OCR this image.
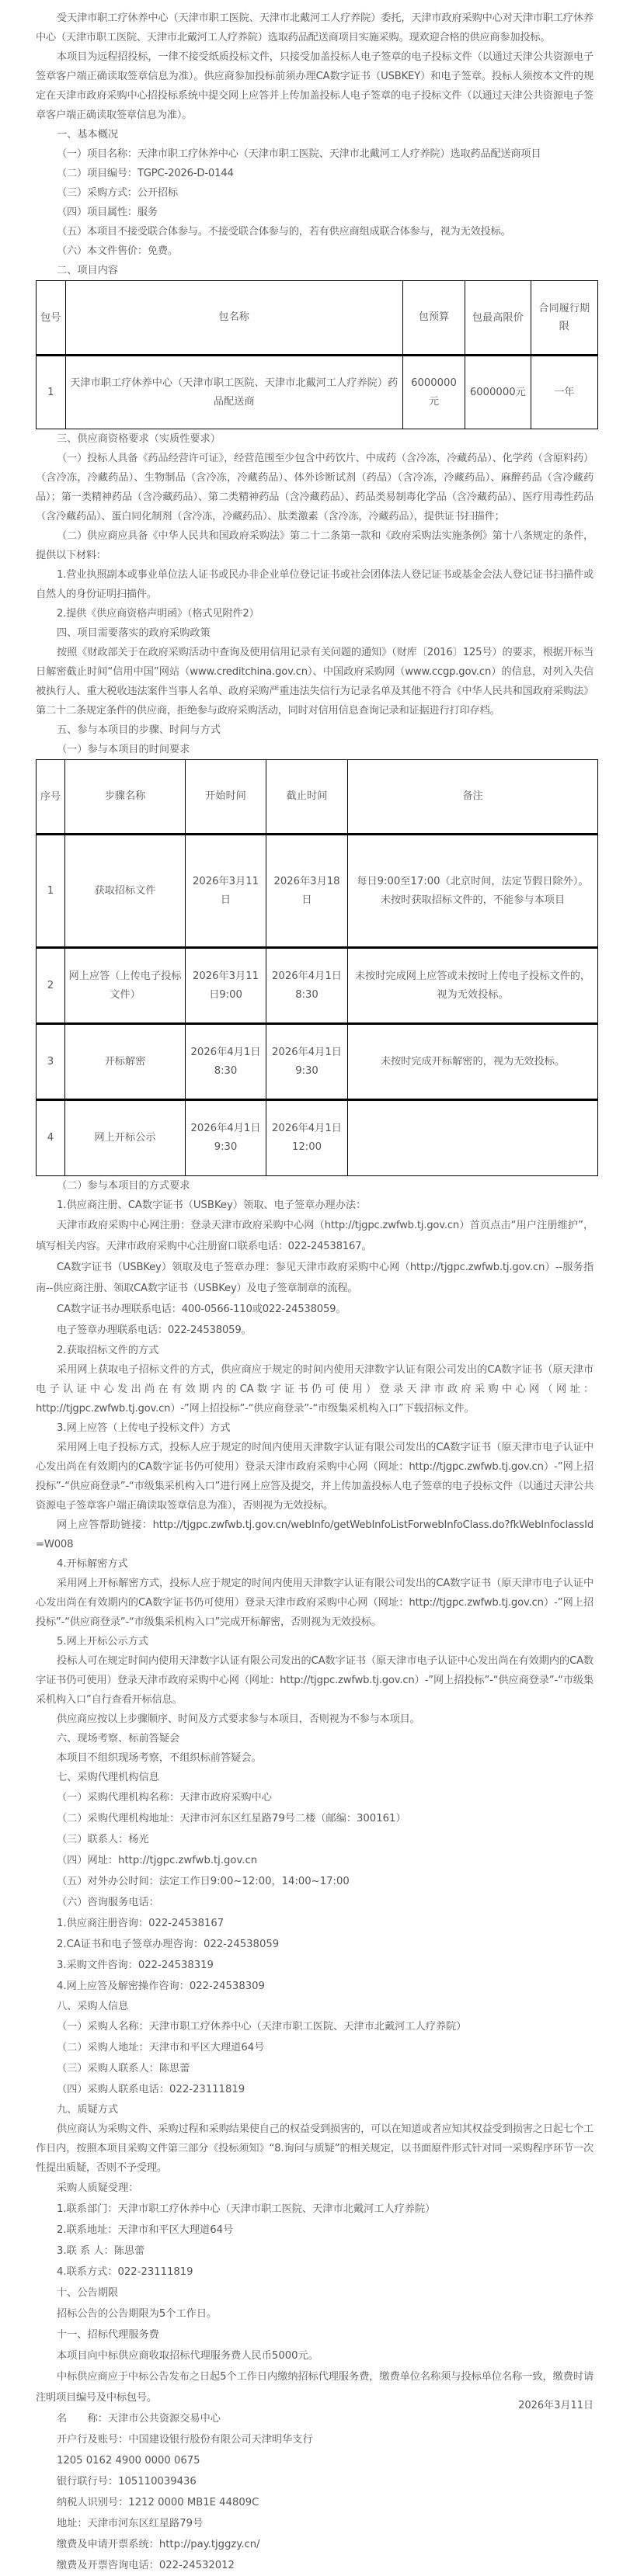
受天津市职工疗休养中心（天津市职工医院、天津市北戴河工人疗养院）委托，天津市政府采购中心对天津市职工疗休养中心（天津市职工医院、天津市北戴河工人疗养院）选取药品配送商项目实施采购。现欢迎合格的供应商参加投标。

本项目为远程招投标，一律不接受纸质投标文件，只接受加盖投标人电子签章的电子投标文件（以通过天津公共资源电子签章客户端正确读取签章信息为准）。供应商参加投标前须办理CA数字证书（USBKEY）和电子签章。投标人须按本文件的规定在天津市政府采购中心招投标系统中提交网上应答并上传加盖投标人电子签章的电子投标文件（以通过天津公共资源电子签章客户端正确读取签章信息为准）。

一、基本概况

（一）项目名称：天津市职工疗休养中心（天津市职工医院、天津市北戴河工人疗养院）选取药品配送商项目

（二）项目编号：TGPC-2026-D-0144

（三）采购方式：公开招标

（四）项目属性：服务

（五）本项目不接受联合体参与。不接受联合体参与的，若有供应商组成联合体参与，视为无效投标。

（六）本文件售价：免费。

二、项目内容

包号	包名称	包预算	包最高限价	合同履行期限
1	天津市职工疗休养中心（天津市职工医院、天津市北戴河工人疗养院）药品配送商	6000000元	6000000元	一年

三、供应商资格要求（实质性要求）

（一）投标人具备《药品经营许可证》，经营范围至少包含中药饮片、中成药（含冷冻，冷藏药品）、化学药（含原料药）（含冷冻，冷藏药品）、生物制品（含冷冻，冷藏药品）、体外诊断试剂（药品）（含冷冻，冷藏药品）、麻醉药品（含冷藏药品）；第一类精神药品（含冷藏药品）、第二类精神药品（含冷藏药品）、药品类易制毒化学品（含冷藏药品）、医疗用毒性药品（含冷藏药品）、蛋白同化制剂（含冷冻，冷藏药品）、肽类激素（含冷冻，冷藏药品），提供证书扫描件；

（二）供应商应具备《中华人民共和国政府采购法》第二十二条第一款和《政府采购法实施条例》第十八条规定的条件，提供以下材料：

1.营业执照副本或事业单位法人证书或民办非企业单位登记证书或社会团体法人登记证书或基金会法人登记证书扫描件或自然人的身份证明扫描件。

2.提供《供应商资格声明函》（格式见附件2）

四、项目需要落实的政府采购政策

按照《财政部关于在政府采购活动中查询及使用信用记录有关问题的通知》（财库〔2016〕125号）的要求，根据开标当日解密截止时间“信用中国”网站（www.creditchina.gov.cn）、中国政府采购网（www.ccgp.gov.cn）的信息，对列入失信被执行人、重大税收违法案件当事人名单、政府采购严重违法失信行为记录名单及其他不符合《中华人民共和国政府采购法》第二十二条规定条件的供应商，拒绝参与政府采购活动，同时对信用信息查询记录和证据进行打印存档。

五、参与本项目的步骤、时间与方式

（一）参与本项目的时间要求

序号	步骤名称	开始时间	截止时间	备注
1	获取招标文件	2026年3月11日	2026年3月18日	每日9:00至17:00（北京时间，法定节假日除外）。
未按时获取招标文件的，不能参与本项目

2	网上应答（上传电子投标文件）	2026年3月11日9:00	2026年4月1日8:30	未按时完成网上应答或未按时上传电子投标文件的，视为无效投标。
3	开标解密	2026年4月1日8:30	2026年4月1日9:30	未按时完成开标解密的，视为无效投标。
4	网上开标公示	2026年4月1日9:30	2026年4月1日12:00	

（二）参与本项目的方式要求

1.供应商注册、CA数字证书（USBKey）领取、电子签章办理办法：

天津市政府采购中心网注册：登录天津市政府采购中心网（http://tjgpc.zwfwb.tj.gov.cn）首页点击“用户注册维护”，填写相关内容。天津市政府采购中心注册窗口联系电话：022-24538167。

CA数字证书（USBKey）领取及电子签章办理：参见天津市政府采购中心网（http://tjgpc.zwfwb.tj.gov.cn）--服务指南--供应商注册、领取CA数字证书（USBKey）及电子签章制章的流程。

CA数字证书办理联系电话：400-0566-110或022-24538059。

电子签章办理联系电话：022-24538059。

2.获取招标文件的方式

采用网上获取电子招标文件的方式，供应商应于规定的时间内使用天津数字认证有限公司发出的CA数字证书（原天津市电子认证中心发出尚在有效期内的CA数字证书仍可使用）登录天津市政府采购中心网（网址：http://tjgpc.zwfwb.tj.gov.cn）-”网上招投标”-“供应商登录”-“市级集采机构入口”下载招标文件。

3.网上应答（上传电子投标文件）方式

采用网上电子投标方式，投标人应于规定的时间内使用天津数字认证有限公司发出的CA数字证书（原天津市电子认证中心发出尚在有效期内的CA数字证书仍可使用）登录天津市政府采购中心网（网址：http://tjgpc.zwfwb.tj.gov.cn）-”网上招投标”-“供应商登录”-“市级集采机构入口”进行网上应答及提交，并上传加盖投标人电子签章的电子投标文件（以通过天津公共资源电子签章客户端正确读取签章信息为准），否则视为无效投标。

网上应答帮助链接：http://tjgpc.zwfwb.tj.gov.cn/webInfo/getWebInfoListForwebInfoClass.do?fkWebInfoclassId=W008

4.开标解密方式

采用网上开标解密方式，投标人应于规定的时间内使用天津数字认证有限公司发出的CA数字证书（原天津市电子认证中心发出尚在有效期内的CA数字证书仍可使用）登录天津市政府采购中心网（网址：http://tjgpc.zwfwb.tj.gov.cn）-”网上招投标”-“供应商登录”-“市级集采机构入口”完成开标解密，否则视为无效投标。

5.网上开标公示方式

投标人可在规定时间内使用天津数字认证有限公司发出的CA数字证书（原天津市电子认证中心发出尚在有效期内的CA数字证书仍可使用）登录天津市政府采购中心网（网址：http://tjgpc.zwfwb.tj.gov.cn）-”网上招投标”-“供应商登录”-“市级集采机构入口”自行查看开标信息。

供应商应按以上步骤顺序、时间及方式要求参与本项目，否则视为不参与本项目。

六、现场考察、标前答疑会

本项目不组织现场考察，不组织标前答疑会。

七、采购代理机构信息

（一）采购代理机构名称：天津市政府采购中心

（二）采购代理机构地址：天津市河东区红星路79号二楼（邮编：300161）

（三）联系人：杨光

（四）网址：http://tjgpc.zwfwb.tj.gov.cn

（五）对外办公时间：法定工作日9:00~12:00，14:00~17:00

（六）咨询服务电话：

1.供应商注册咨询：022-24538167

2.CA证书和电子签章办理咨询：022-24538059

3.采购文件咨询：022-24538319

4.网上应答及解密操作咨询：022-24538309

八、采购人信息

（一）采购人名称：天津市职工疗休养中心（天津市职工医院、天津市北戴河工人疗养院）

（二）采购人地址：天津市和平区大理道64号

（三）采购人联系人：陈思蕾

（四）采购人联系电话：022-23111819

九、质疑方式

供应商认为采购文件、采购过程和采购结果使自己的权益受到损害的，可以在知道或者应知其权益受到损害之日起七个工作日内，按照本项目采购文件第三部分《投标须知》“8.询问与质疑”的相关规定，以书面原件形式针对同一采购程序环节一次性提出质疑，否则不予受理。

采购人质疑受理：

1.联系部门：天津市职工疗休养中心（天津市职工医院、天津市北戴河工人疗养院）

2.联系地址：天津市和平区大理道64号

3.联 系 人：陈思蕾

4.联系方式：022-23111819

十、公告期限

招标公告的公告期限为5个工作日。

十一、招标代理服务费

本项目向中标供应商收取招标代理服务费人民币5000元。

中标供应商应于中标公告发布之日起5个工作日内缴纳招标代理服务费，缴费单位名称须与投标单位名称一致，缴费时请注明项目编号及中标包号。

名　　称：天津市公共资源交易中心

开户行及账号：中国建设银行股份有限公司天津明华支行

1205 0162 4900 0000 0675

银行联行号：105110039436

纳税人识别号：1212 0000 MB1E 44809C

地址：天津市河东区红星路79号

缴费及申请开票系统：http://pay.tjggzy.cn/

缴费及开票咨询电话：022-24532012

2026年3月11日
